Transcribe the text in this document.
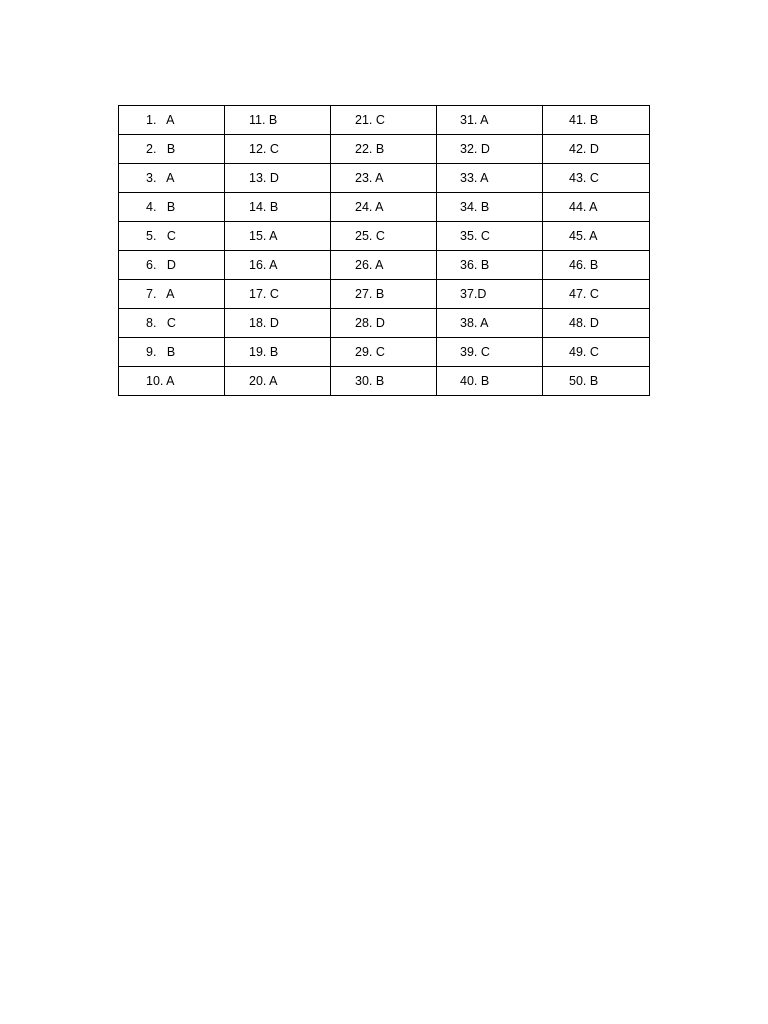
1.   A	11. B	21. C	31. A	41. B
2.   B	12. C	22. B	32. D	42. D
3.   A	13. D	23. A	33. A	43. C
4.   B	14. B	24. A	34. B	44. A
5.   C	15. A	25. C	35. C	45. A
6.   D	16. A	26. A	36. B	46. B
7.   A	17. C	27. B	37.D	47. C
8.   C	18. D	28. D	38. A	48. D
9.   B	19. B	29. C	39. C	49. C
10. A	20. A	30. B	40. B	50. B
